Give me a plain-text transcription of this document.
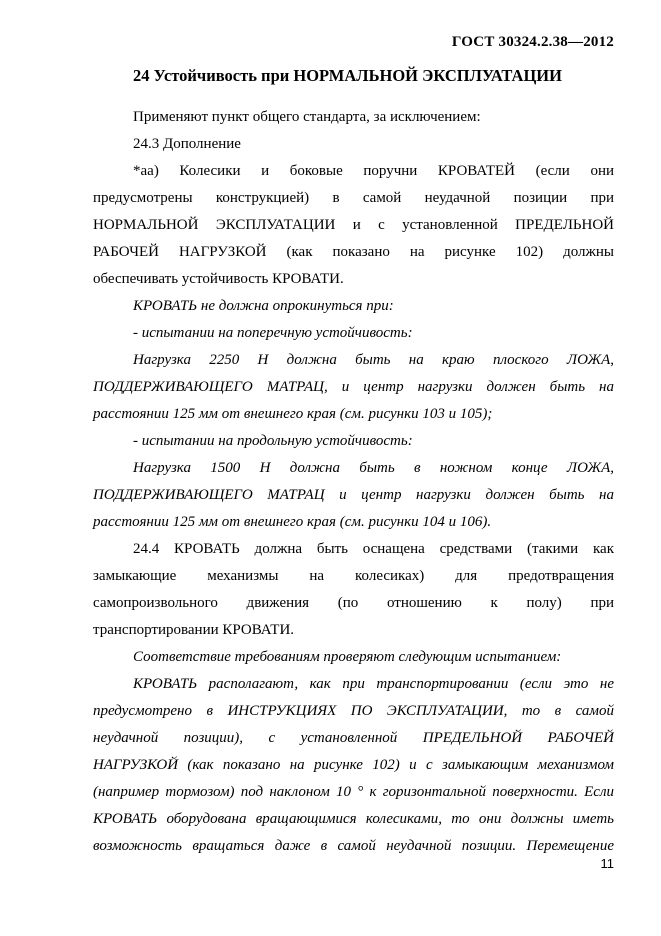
ГОСТ 30324.2.38—2012
24 Устойчивость при НОРМАЛЬНОЙ ЭКСПЛУАТАЦИИ
Применяют пункт общего стандарта, за исключением:
24.3 Дополнение
*аа) Колесики и боковые поручни КРОВАТЕЙ (если они
предусмотрены конструкцией) в самой неудачной позиции при
НОРМАЛЬНОЙ ЭКСПЛУАТАЦИИ и с установленной ПРЕДЕЛЬНОЙ
РАБОЧЕЙ НАГРУЗКОЙ (как показано на рисунке 102) должны
обеспечивать устойчивость КРОВАТИ.
КРОВАТЬ не должна опрокинуться при:
- испытании на поперечную устойчивость:
Нагрузка 2250 Н должна быть на краю плоского ЛОЖА,
ПОДДЕРЖИВАЮЩЕГО МАТРАЦ, и центр нагрузки должен быть на
расстоянии 125 мм от внешнего края (см. рисунки 103 и 105);
- испытании на продольную устойчивость:
Нагрузка 1500 Н должна быть в ножном конце ЛОЖА,
ПОДДЕРЖИВАЮЩЕГО МАТРАЦ и центр нагрузки должен быть на
расстоянии 125 мм от внешнего края (см. рисунки 104 и 106).
24.4 КРОВАТЬ должна быть оснащена средствами (такими как
замыкающие механизмы на колесиках) для предотвращения
самопроизвольного движения (по отношению к полу) при
транспортировании КРОВАТИ.
Соответствие требованиям проверяют следующим испытанием:
КРОВАТЬ располагают, как при транспортировании (если это не
предусмотрено в ИНСТРУКЦИЯХ ПО ЭКСПЛУАТАЦИИ, то в самой
неудачной позиции), с установленной ПРЕДЕЛЬНОЙ РАБОЧЕЙ
НАГРУЗКОЙ (как показано на рисунке 102) и с замыкающим механизмом
(например тормозом) под наклоном 10 ° к горизонтальной поверхности. Если
КРОВАТЬ оборудована вращающимися колесиками, то они должны иметь
возможность вращаться даже в самой неудачной позиции. Перемещение
11
